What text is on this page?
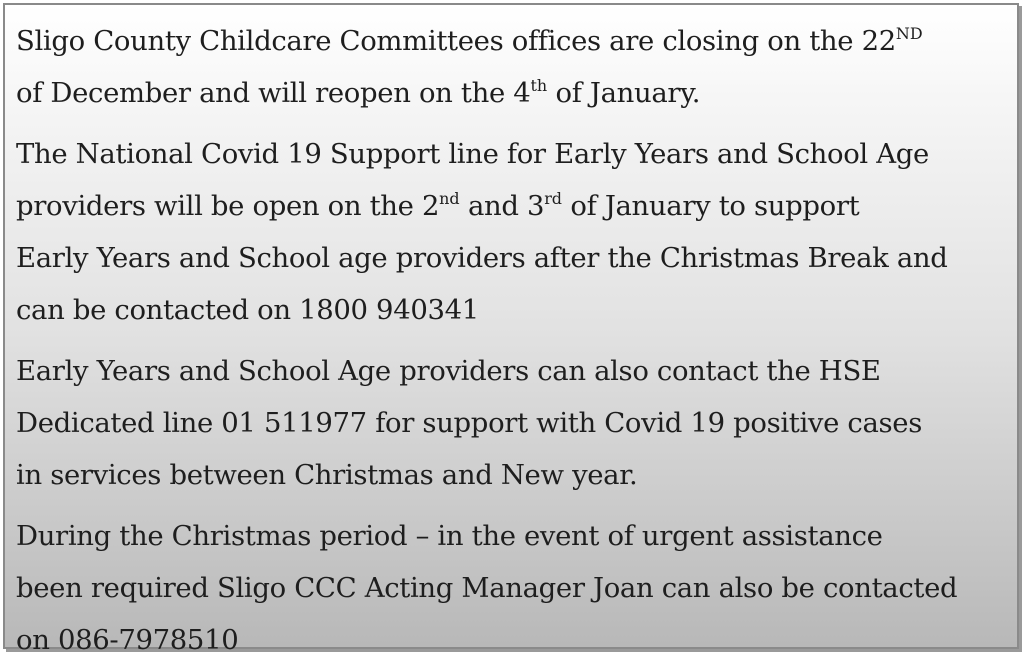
Sligo County Childcare Committees offices are closing on the 22ND
of December and will reopen on the 4th of January.

The National Covid 19 Support line for Early Years and School Age
providers will be open on the 2nd and 3rd of January to support
Early Years and School age providers after the Christmas Break and
can be contacted on 1800 940341

Early Years and School Age providers can also contact the HSE
Dedicated line 01 511977 for support with Covid 19 positive cases
in services between Christmas and New year.

During the Christmas period – in the event of urgent assistance
been required Sligo CCC Acting Manager Joan can also be contacted
on 086-7978510
